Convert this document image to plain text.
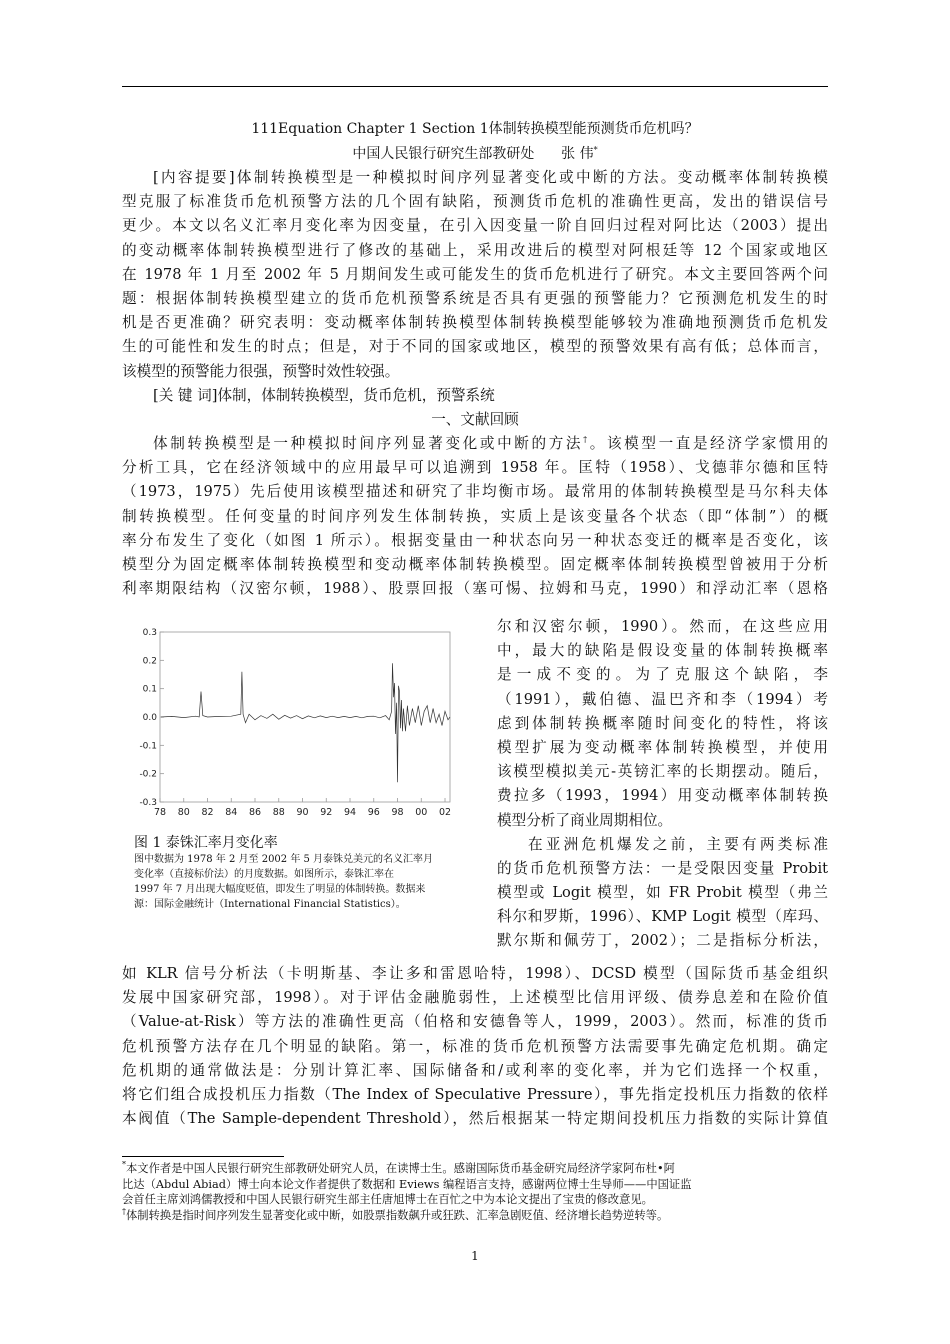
111Equation Chapter 1 Section 1体制转换模型能预测货币危机吗？
中国人民银行研究生部教研处 张 伟*
[内容提要]体制转换模型是一种模拟时间序列显著变化或中断的方法。变动概率体制转换模
型克服了标准货币危机预警方法的几个固有缺陷，预测货币危机的准确性更高，发出的错误信号
更少。本文以名义汇率月变化率为因变量，在引入因变量一阶自回归过程对阿比达（2003）提出
的变动概率体制转换模型进行了修改的基础上，采用改进后的模型对阿根廷等 12 个国家或地区
在 1978 年 1 月至 2002 年 5 月期间发生或可能发生的货币危机进行了研究。本文主要回答两个问
题：根据体制转换模型建立的货币危机预警系统是否具有更强的预警能力？它预测危机发生的时
机是否更准确？研究表明：变动概率体制转换模型体制转换模型能够较为准确地预测货币危机发
生的可能性和发生的时点；但是，对于不同的国家或地区，模型的预警效果有高有低；总体而言，
该模型的预警能力很强，预警时效性较强。
[关 键 词]体制，体制转换模型，货币危机，预警系统
一、文献回顾
体制转换模型是一种模拟时间序列显著变化或中断的方法†。该模型一直是经济学家惯用的
分析工具，它在经济领域中的应用最早可以追溯到 1958 年。匡特（1958）、戈德菲尔德和匡特
（1973，1975）先后使用该模型描述和研究了非均衡市场。最常用的体制转换模型是马尔科夫体
制转换模型。任何变量的时间序列发生体制转换，实质上是该变量各个状态（即“体制”）的概
率分布发生了变化（如图 1 所示）。根据变量由一种状态向另一种状态变迁的概率是否变化，该
模型分为固定概率体制转换模型和变动概率体制转换模型。固定概率体制转换模型曾被用于分析
利率期限结构（汉密尔顿，1988）、股票回报（塞可惕、拉姆和马克，1990）和浮动汇率（恩格
0.3
0.2
0.1
0.0
-0.1
-0.2
-0.3
78 80 82 84 86 88 90 92 94 96 98 00 02
图 1 泰铢汇率月变化率
图中数据为 1978 年 2 月至 2002 年 5 月泰铢兑美元的名义汇率月
变化率（直接标价法）的月度数据。如图所示，泰铢汇率在
1997 年 7 月出现大幅度贬值，即发生了明显的体制转换。数据来
源：国际金融统计（International Financial Statistics）。
尔和汉密尔顿，1990）。然而，在这些应用
中，最大的缺陷是假设变量的体制转换概率
是一成不变的。为了克服这个缺陷，李
（1991），戴伯德、温巴齐和李（1994）考
虑到体制转换概率随时间变化的特性，将该
模型扩展为变动概率体制转换模型，并使用
该模型模拟美元-英镑汇率的长期摆动。随后，
费拉多（1993，1994）用变动概率体制转换
模型分析了商业周期相位。
在亚洲危机爆发之前，主要有两类标准
的货币危机预警方法：一是受限因变量 Probit
模型或 Logit 模型，如 FR Probit 模型（弗兰
科尔和罗斯，1996）、KMP Logit 模型（库玛、
默尔斯和佩劳丁，2002）；二是指标分析法，
如 KLR 信号分析法（卡明斯基、李让多和雷恩哈特，1998）、DCSD 模型（国际货币基金组织
发展中国家研究部，1998）。对于评估金融脆弱性，上述模型比信用评级、债券息差和在险价值
（Value-at-Risk）等方法的准确性更高（伯格和安德鲁等人，1999，2003）。然而，标准的货币
危机预警方法存在几个明显的缺陷。第一，标准的货币危机预警方法需要事先确定危机期。确定
危机期的通常做法是：分别计算汇率、国际储备和/或利率的变化率，并为它们选择一个权重，
将它们组合成投机压力指数（The Index of Speculative Pressure），事先指定投机压力指数的依样
本阀值（The Sample-dependent Threshold），然后根据某一特定期间投机压力指数的实际计算值
*本文作者是中国人民银行研究生部教研处研究人员，在读博士生。感谢国际货币基金研究局经济学家阿布杜•阿
比达（Abdul Abiad）博士向本论文作者提供了数据和 Eviews 编程语言支持，感谢两位博士生导师——中国证监
会首任主席刘鸿儒教授和中国人民银行研究生部主任唐旭博士在百忙之中为本论文提出了宝贵的修改意见。
†体制转换是指时间序列发生显著变化或中断，如股票指数飙升或狂跌、汇率急剧贬值、经济增长趋势逆转等。
1
